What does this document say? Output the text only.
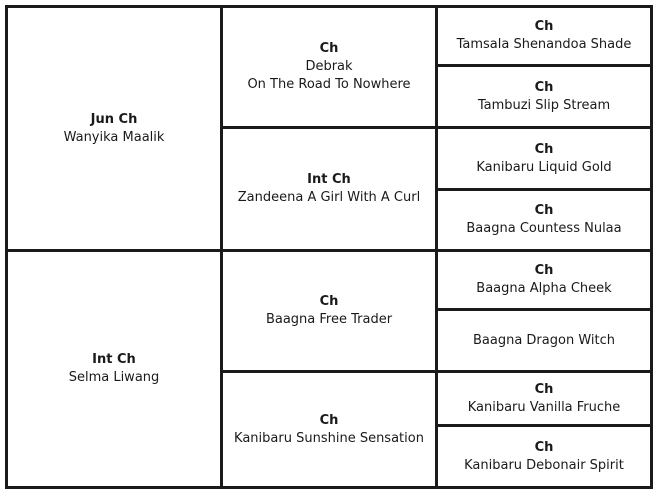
Jun Ch
Wanyika Maalik
Int Ch
Selma Liwang
Ch
Debrak
On The Road To Nowhere
Int Ch
Zandeena A Girl With A Curl
Ch
Baagna Free Trader
Ch
Kanibaru Sunshine Sensation
Ch
Tamsala Shenandoa Shade
Ch
Tambuzi Slip Stream
Ch
Kanibaru Liquid Gold
Ch
Baagna Countess Nulaa
Ch
Baagna Alpha Cheek
Baagna Dragon Witch
Ch
Kanibaru Vanilla Fruche
Ch
Kanibaru Debonair Spirit
